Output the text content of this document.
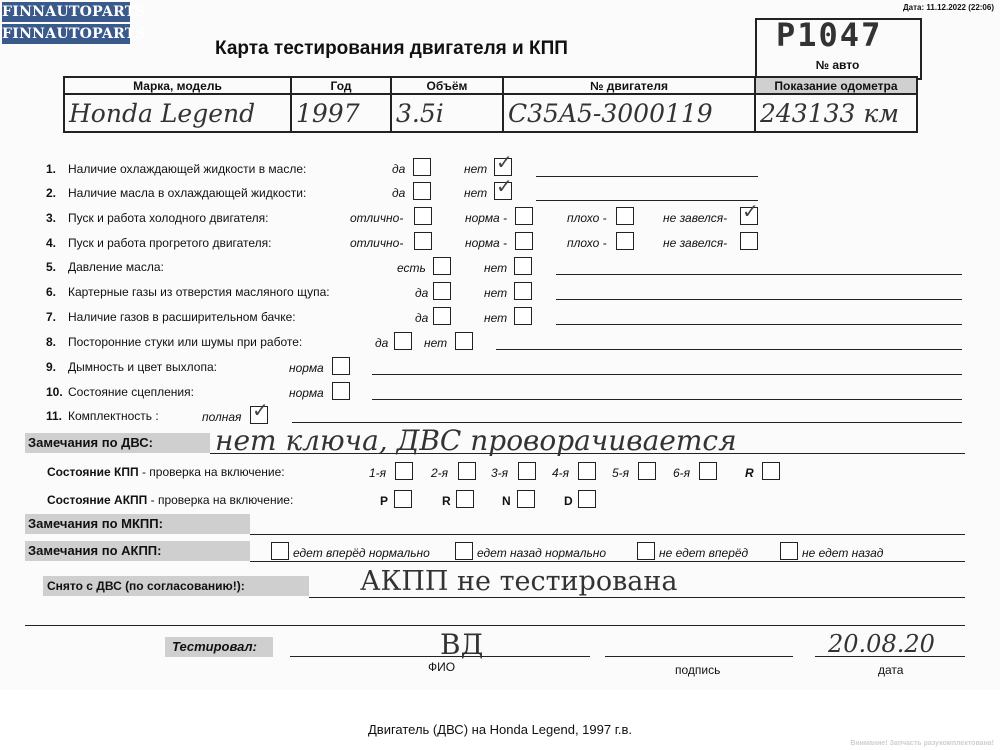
FINNAUTOPARTS
FINNAUTOPARTS
Дата: 11.12.2022 (22:06)
Карта тестирования двигателя и КПП	P1047
№ авто
Марка, модель	Год	Объём	№ двигателя	Показание одометра
Honda Legend	1997	3.5i	C35A5-3000119	243133 км
1. Наличие охлаждающей жидкости в масле:	да	нет ✓
2. Наличие масла в охлаждающей жидкости:	да	нет ✓
3. Пуск и работа холодного двигателя:	отлично-	норма -	плохо -	не завелся- ✓
4. Пуск и работа прогретого двигателя:	отлично-	норма -	плохо -	не завелся-
5. Давление масла:	есть	нет
6. Картерные газы из отверстия масляного щупа:	да	нет
7. Наличие газов в расширительном бачке:	да	нет
8. Посторонние стуки или шумы при работе:	да	нет
9. Дымность и цвет выхлопа:	норма
10. Состояние сцепления:	норма
11. Комплектность :	полная ✓
Замечания по ДВС: нет ключа, ДВС проворачивается
Состояние КПП - проверка на включение:	1-я	2-я	3-я	4-я	5-я	6-я	R
Состояние АКПП - проверка на включение:	P	R	N	D
Замечания по МКПП:
Замечания по АКПП:	едет вперёд нормально	едет назад нормально	не едет вперёд	не едет назад
Снято с ДВС (по согласованию!):	АКПП не тестирована
Тестировал:	ВД	20.08.20
ФИО	подпись	дата
Двигатель (ДВС) на Honda Legend, 1997 г.в.
Внимание! Запчасть разукомплектована!
